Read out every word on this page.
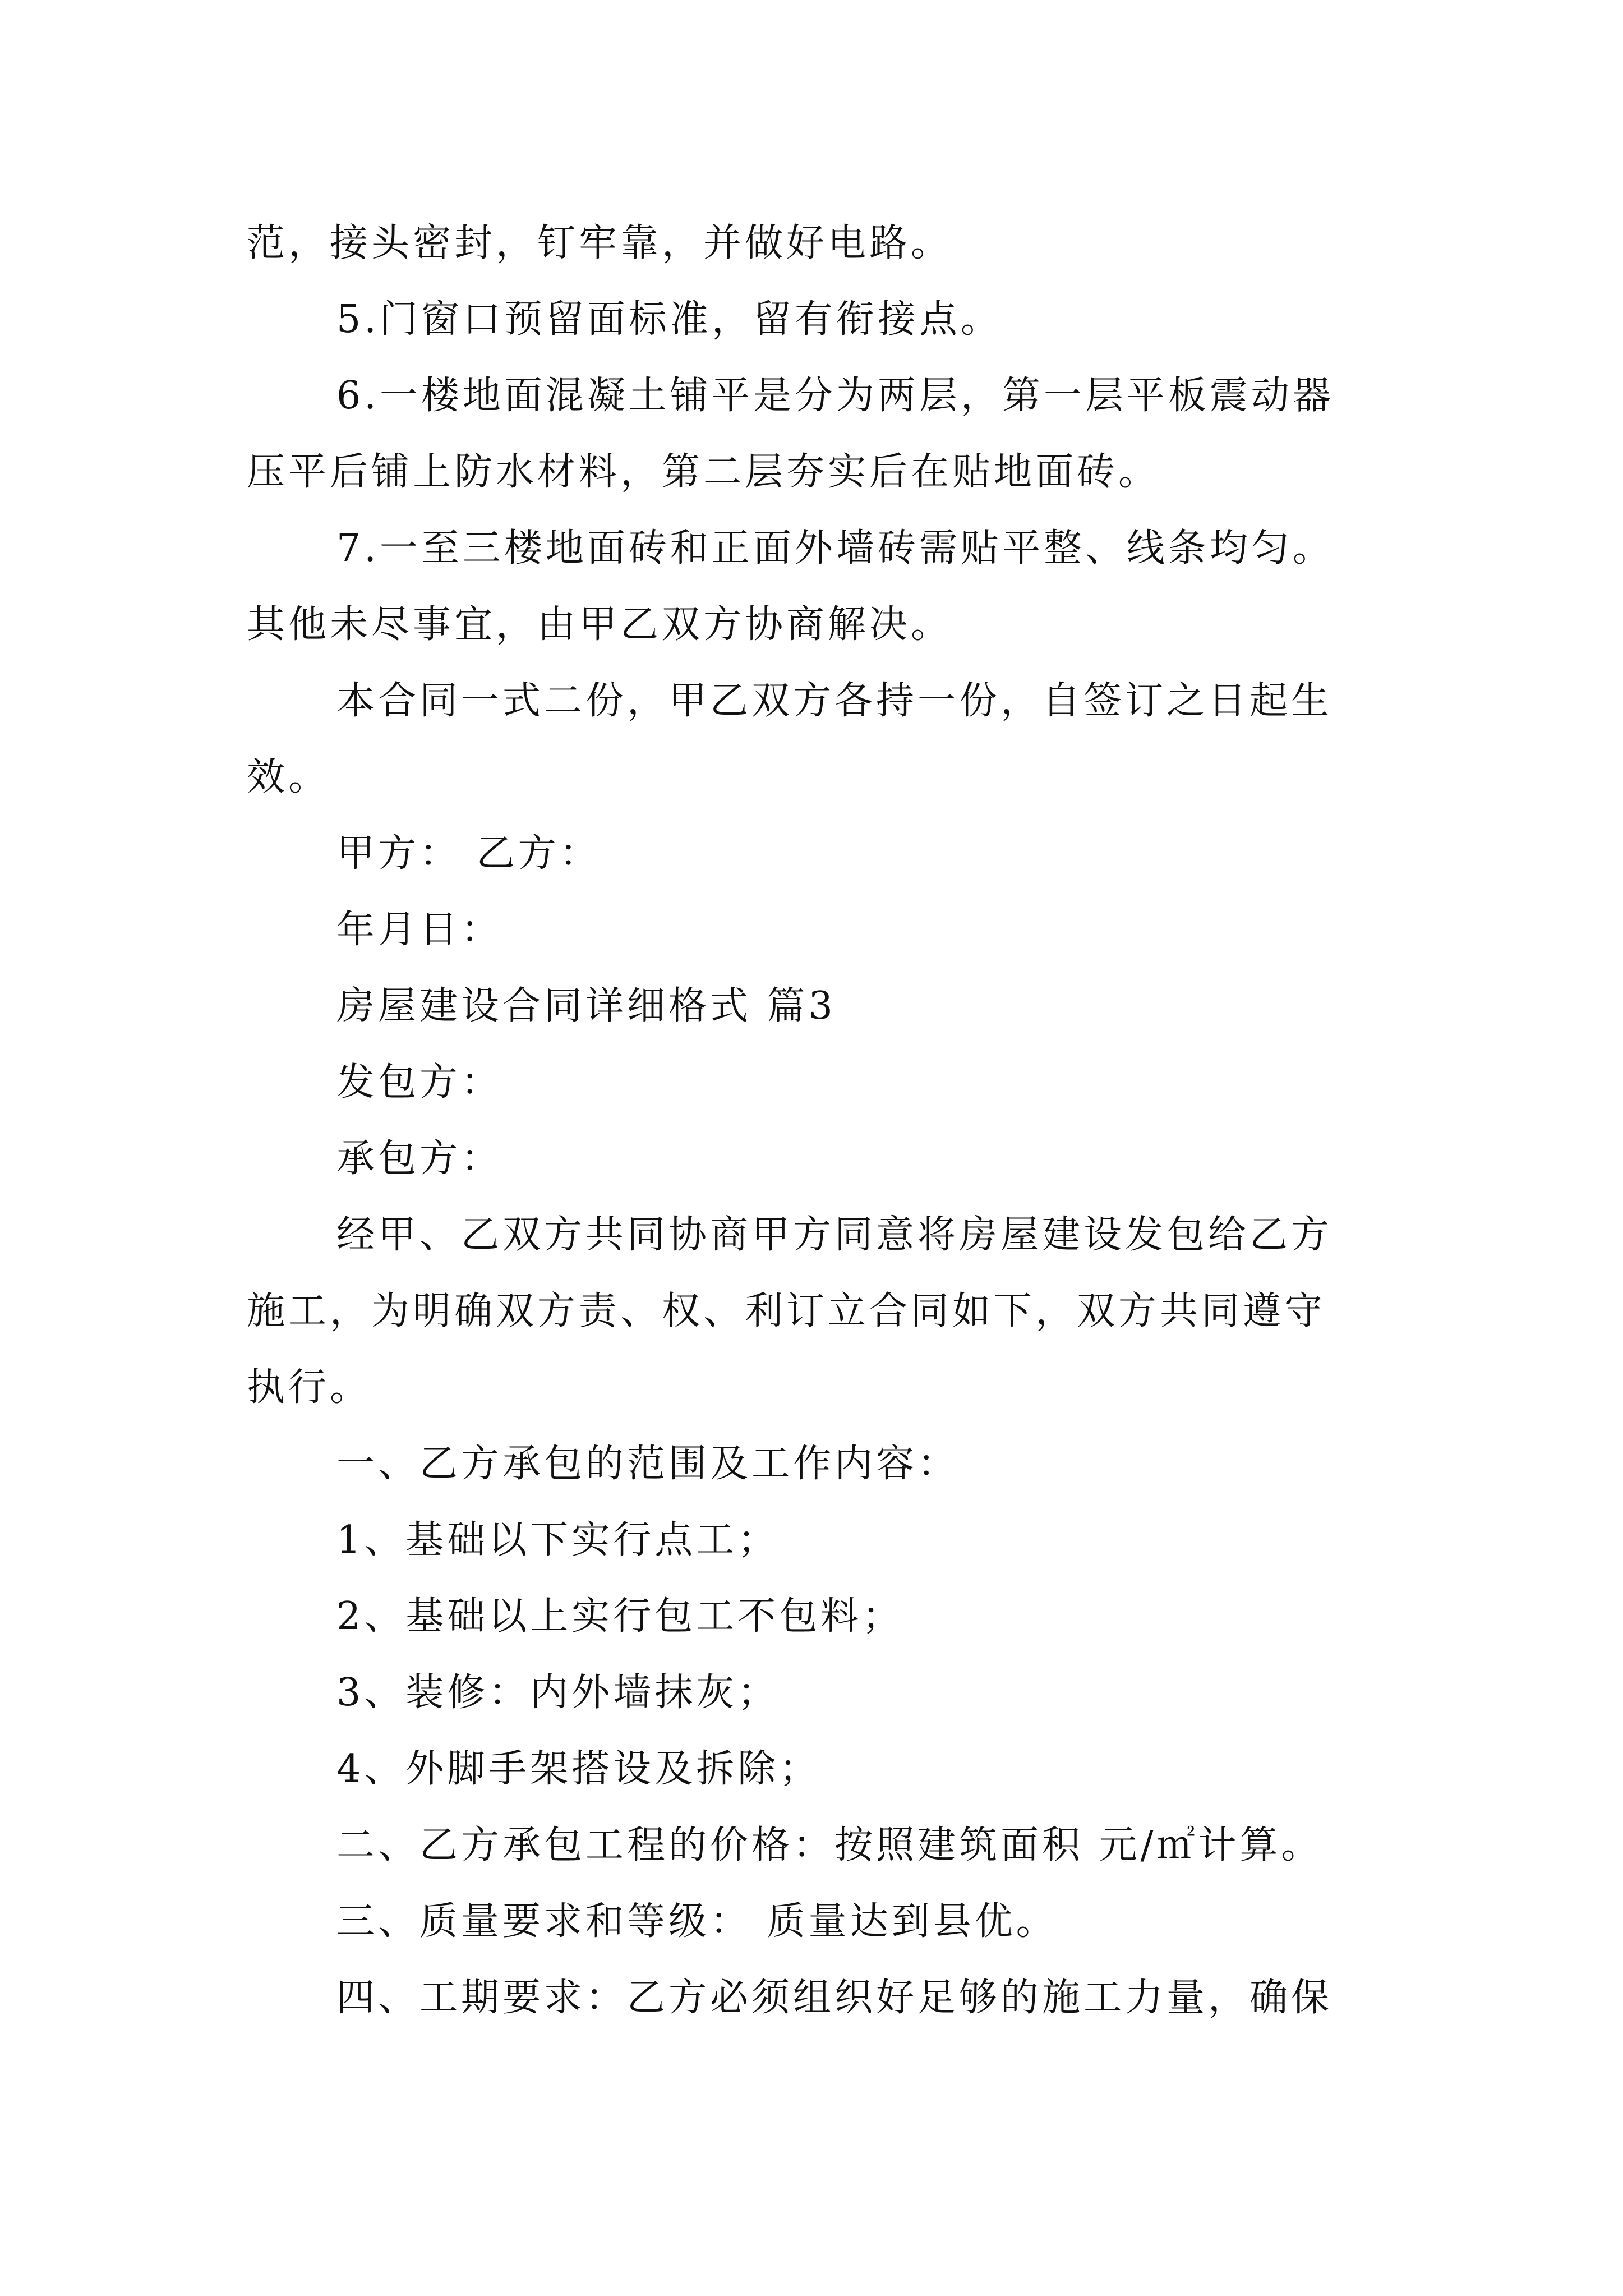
范，接头密封，钉牢靠，并做好电路。
5.门窗口预留面标准，留有衔接点。
6.一楼地面混凝土铺平是分为两层，第一层平板震动器
压平后铺上防水材料，第二层夯实后在贴地面砖。
7.一至三楼地面砖和正面外墙砖需贴平整、线条均匀。
其他未尽事宜，由甲乙双方协商解决。
本合同一式二份，甲乙双方各持一份，自签订之日起生
效。
甲方： 乙方：
年月日：
房屋建设合同详细格式 篇3
发包方：
承包方：
经甲、乙双方共同协商甲方同意将房屋建设发包给乙方
施工，为明确双方责、权、利订立合同如下，双方共同遵守
执行。
一、乙方承包的范围及工作内容：
1、基础以下实行点工；
2、基础以上实行包工不包料；
3、装修：内外墙抹灰；
4、外脚手架搭设及拆除；
二、乙方承包工程的价格：按照建筑面积 元/㎡计算。
三、质量要求和等级： 质量达到县优。
四、工期要求：乙方必须组织好足够的施工力量，确保
